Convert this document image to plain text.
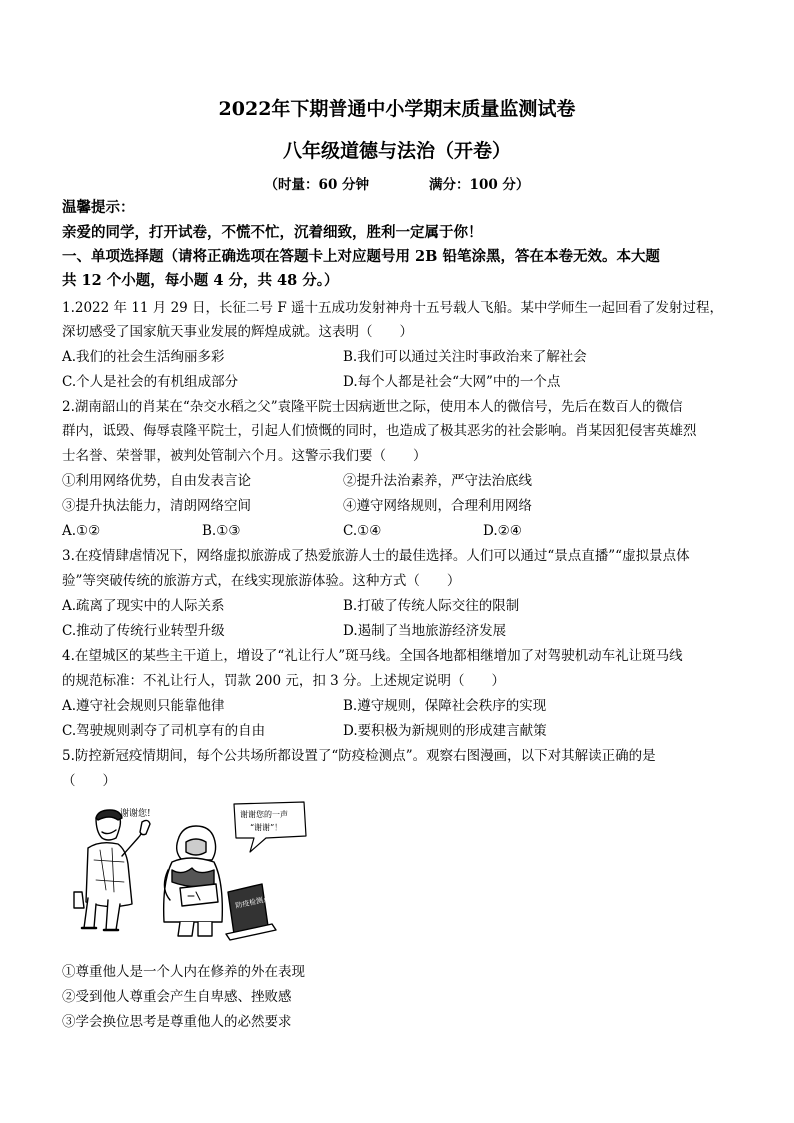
2022年下期普通中小学期末质量监测试卷
八年级道德与法治（开卷）
（时量：60 分钟	满分：100 分）
温馨提示：
亲爱的同学，打开试卷，不慌不忙，沉着细致，胜利一定属于你！
一、单项选择题（请将正确选项在答题卡上对应题号用 2B 铅笔涂黑，答在本卷无效。本大题
共 12 个小题，每小题 4 分，共 48 分。）
1.2022 年 11 月 29 日，长征二号 F 遥十五成功发射神舟十五号载人飞船。某中学师生一起回看了发射过程，
深切感受了国家航天事业发展的辉煌成就。这表明（　　）
A.我们的社会生活绚丽多彩	B.我们可以通过关注时事政治来了解社会
C.个人是社会的有机组成部分	D.每个人都是社会“大网”中的一个点
2.湖南韶山的肖某在“杂交水稻之父”袁隆平院士因病逝世之际，使用本人的微信号，先后在数百人的微信
群内，诋毁、侮辱袁隆平院士，引起人们愤慨的同时，也造成了极其恶劣的社会影响。肖某因犯侵害英雄烈
士名誉、荣誉罪，被判处管制六个月。这警示我们要（　　）
①利用网络优势，自由发表言论	②提升法治素养，严守法治底线
③提升执法能力，清朗网络空间	④遵守网络规则，合理利用网络
A.①②	B.①③	C.①④	D.②④
3.在疫情肆虐情况下，网络虚拟旅游成了热爱旅游人士的最佳选择。人们可以通过“景点直播”“虚拟景点体
验”等突破传统的旅游方式，在线实现旅游体验。这种方式（　　）
A.疏离了现实中的人际关系	B.打破了传统人际交往的限制
C.推动了传统行业转型升级	D.遏制了当地旅游经济发展
4.在望城区的某些主干道上，增设了“礼让行人”斑马线。全国各地都相继增加了对驾驶机动车礼让斑马线
的规范标准：不礼让行人，罚款 200 元，扣 3 分。上述规定说明（　　）
A.遵守社会规则只能靠他律	B.遵守规则，保障社会秩序的实现
C.驾驶规则剥夺了司机享有的自由	D.要积极为新规则的形成建言献策
5.防控新冠疫情期间，每个公共场所都设置了“防疫检测点”。观察右图漫画，以下对其解读正确的是
（　　）
谢谢您!
防疫检测点
谢谢您的一声
“谢谢”！
①尊重他人是一个人内在修养的外在表现
②受到他人尊重会产生自卑感、挫败感
③学会换位思考是尊重他人的必然要求
